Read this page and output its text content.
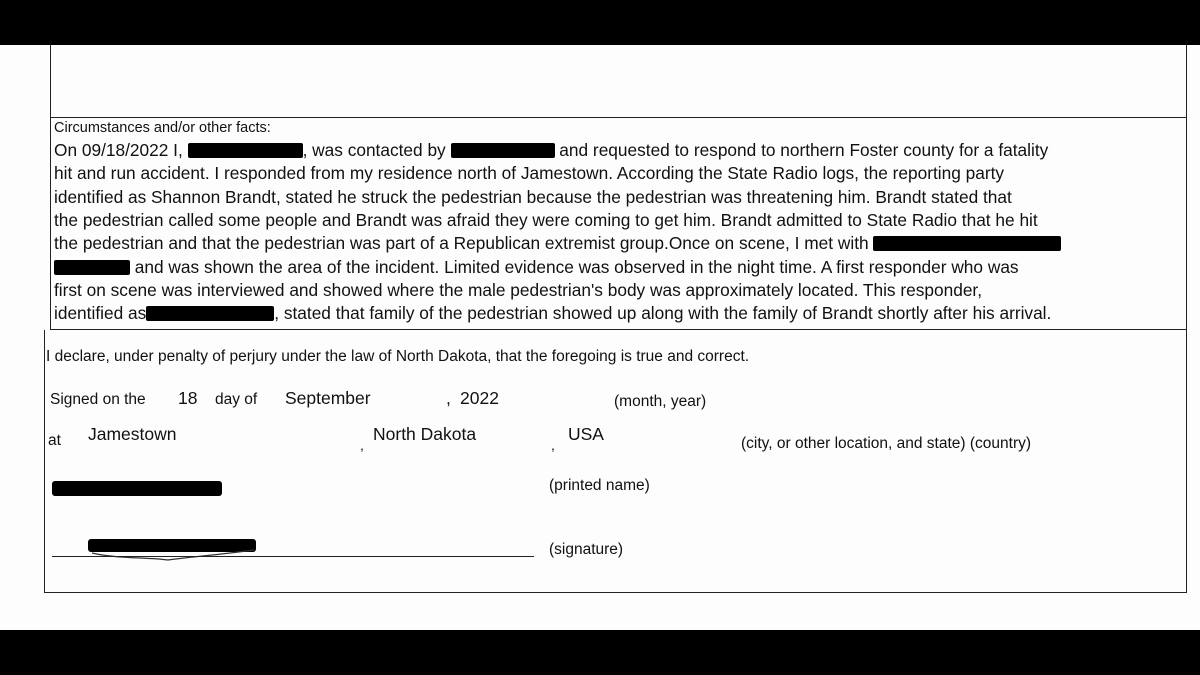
Circumstances and/or other facts:
On 09/18/2022 I,	, was contacted by	and requested to respond to northern Foster county for a fatality
hit and run accident. I responded from my residence north of Jamestown. According the State Radio logs, the reporting party
identified as Shannon Brandt, stated he struck the pedestrian because the pedestrian was threatening him. Brandt stated that
the pedestrian called some people and Brandt was afraid they were coming to get him. Brandt admitted to State Radio that he hit
the pedestrian and that the pedestrian was part of a Republican extremist group.Once on scene, I met with
and was shown the area of the incident. Limited evidence was observed in the night time. A first responder who was
first on scene was interviewed and showed where the male pedestrian's body was approximately located. This responder,
identified as	, stated that family of the pedestrian showed up along with the family of Brandt shortly after his arrival.
I declare, under penalty of perjury under the law of North Dakota, that the foregoing is true and correct.
Signed on the 18 day of September	, 2022	(month, year)
at Jamestown
,
North Dakota
,
USA	(city, or other location, and state) (country)
(printed name)
(signature)
